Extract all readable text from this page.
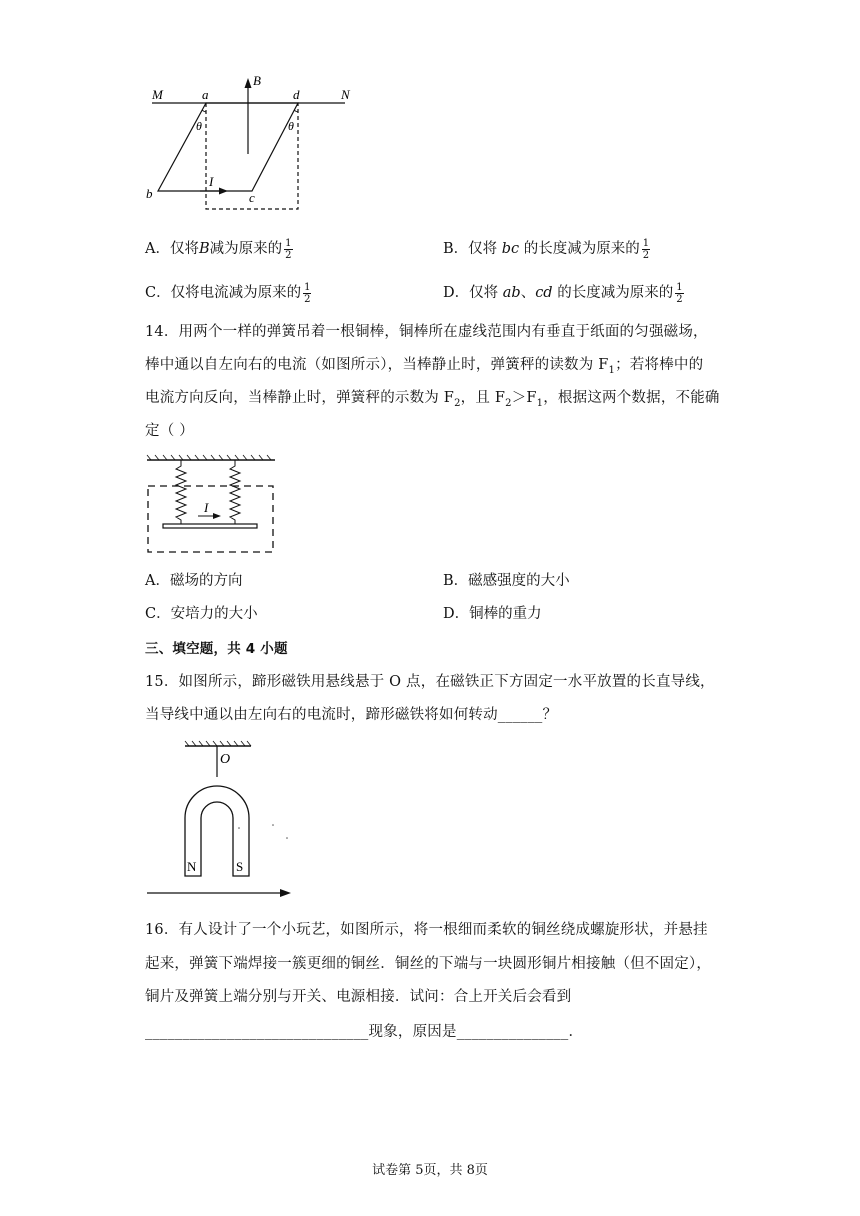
M	a
B
d	N
θ	θ
b
I
c
A．仅将B减为原来的 $\frac{1}{2}$	B．仅将 bc 的长度减为原来的 $\frac{1}{2}$
C．仅将电流减为原来的 $\frac{1}{2}$	D．仅将 ab、cd 的长度减为原来的 $\frac{1}{2}$
14．用两个一样的弹簧吊着一根铜棒，铜棒所在虚线范围内有垂直于纸面的匀强磁场，
棒中通以自左向右的电流（如图所示），当棒静止时，弹簧秤的读数为 $F_1$；若将棒中的
电流方向反向，当棒静止时，弹簧秤的示数为 $F_2$，且 $F_2>F_1$，根据这两个数据，不能确
定（ ）
I
A．磁场的方向	B．磁感强度的大小
C．安培力的大小	D．铜棒的重力
三、填空题，共 4 小题
15．如图所示，蹄形磁铁用悬线悬于 O 点，在磁铁正下方固定一水平放置的长直导线，
当导线中通以由左向右的电流时，蹄形磁铁将如何转动______？
O
N	S
16．有人设计了一个小玩艺，如图所示，将一根细而柔软的铜丝绕成螺旋形状，并悬挂
起来，弹簧下端焊接一簇更细的铜丝．铜丝的下端与一块圆形铜片相接触（但不固定），
铜片及弹簧上端分别与开关、电源相接．试问：合上开关后会看到
______________________________现象，原因是_______________．
试卷第 5页，共 8页
